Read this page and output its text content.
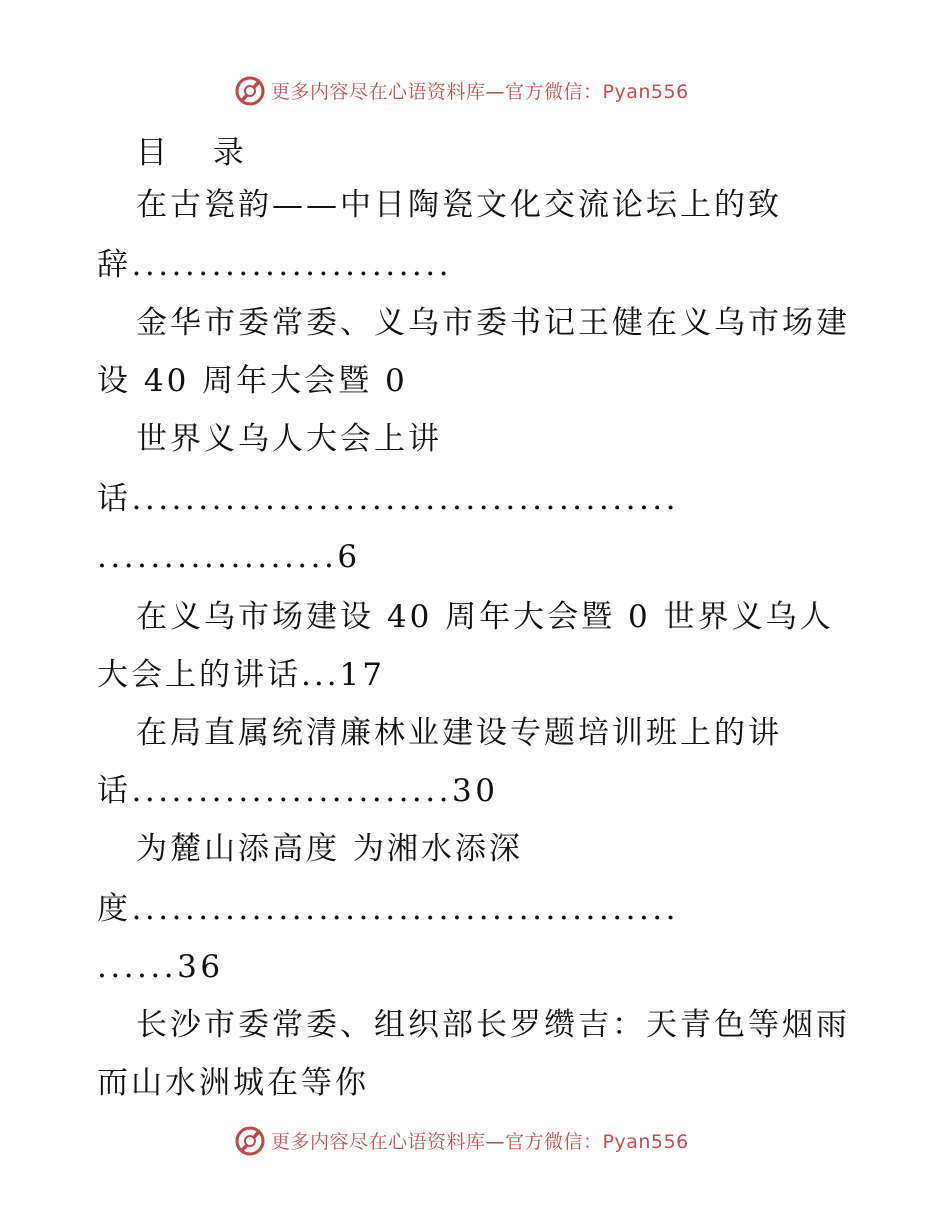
更多内容尽在心语资料库—官方微信：Pyan556
目 录
在古瓷韵——中日陶瓷文化交流论坛上的致
辞........................
金华市委常委、义乌市委书记王健在义乌市场建
设 40 周年大会暨 0
世界义乌人大会上讲
话.........................................
..................6
在义乌市场建设 40 周年大会暨 0 世界义乌人
大会上的讲话...17
在局直属统清廉林业建设专题培训班上的讲
话........................30
为麓山添高度 为湘水添深
度.........................................
......36
长沙市委常委、组织部长罗缵吉：天青色等烟雨
而山水洲城在等你
更多内容尽在心语资料库—官方微信：Pyan556
